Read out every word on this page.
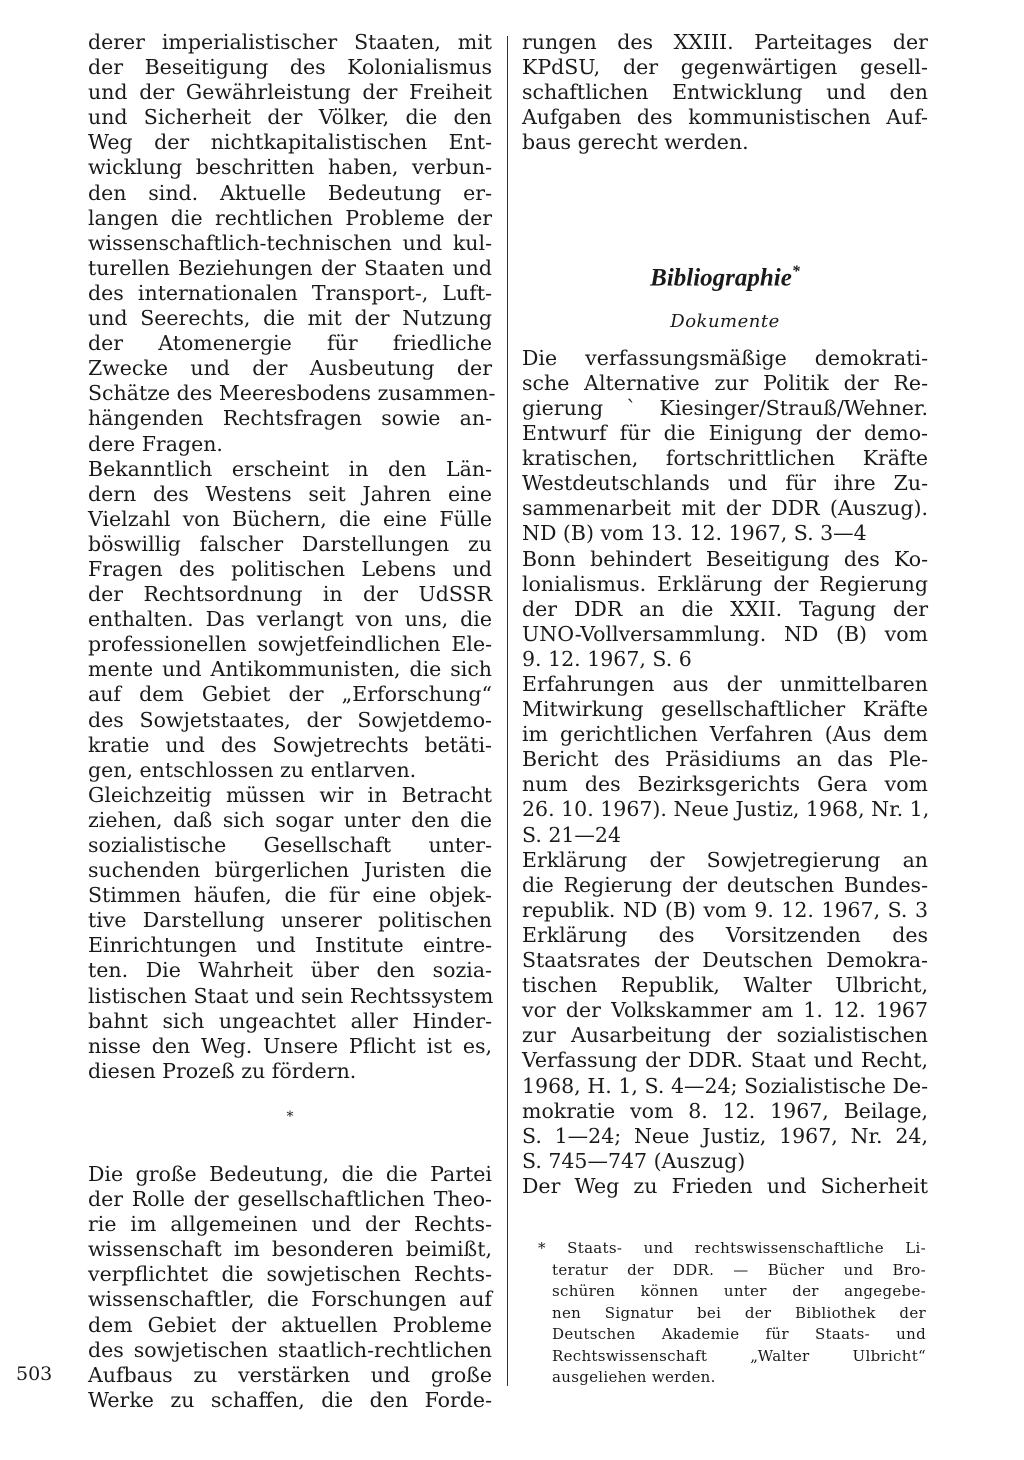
derer imperialistischer Staaten, mit
der Beseitigung des Kolonialismus
und der Gewährleistung der Freiheit
und Sicherheit der Völker, die den
Weg der nichtkapitalistischen Ent-
wicklung beschritten haben, verbun-
den sind. Aktuelle Bedeutung er-
langen die rechtlichen Probleme der
wissenschaftlich-technischen und kul-
turellen Beziehungen der Staaten und
des internationalen Transport-, Luft-
und Seerechts, die mit der Nutzung
der Atomenergie für friedliche
Zwecke und der Ausbeutung der
Schätze des Meeresbodens zusammen-
hängenden Rechtsfragen sowie an-
dere Fragen.
Bekanntlich erscheint in den Län-
dern des Westens seit Jahren eine
Vielzahl von Büchern, die eine Fülle
böswillig falscher Darstellungen zu
Fragen des politischen Lebens und
der Rechtsordnung in der UdSSR
enthalten. Das verlangt von uns, die
professionellen sowjetfeindlichen Ele-
mente und Antikommunisten, die sich
auf dem Gebiet der „Erforschung“
des Sowjetstaates, der Sowjetdemo-
kratie und des Sowjetrechts betäti-
gen, entschlossen zu entlarven.
Gleichzeitig müssen wir in Betracht
ziehen, daß sich sogar unter den die
sozialistische Gesellschaft unter-
suchenden bürgerlichen Juristen die
Stimmen häufen, die für eine objek-
tive Darstellung unserer politischen
Einrichtungen und Institute eintre-
ten. Die Wahrheit über den sozia-
listischen Staat und sein Rechtssystem
bahnt sich ungeachtet aller Hinder-
nisse den Weg. Unsere Pflicht ist es,
diesen Prozeß zu fördern.
*
Die große Bedeutung, die die Partei
der Rolle der gesellschaftlichen Theo-
rie im allgemeinen und der Rechts-
wissenschaft im besonderen beimißt,
verpflichtet die sowjetischen Rechts-
wissenschaftler, die Forschungen auf
dem Gebiet der aktuellen Probleme
des sowjetischen staatlich-rechtlichen
Aufbaus zu verstärken und große
Werke zu schaffen, die den Forde-
rungen des XXIII. Parteitages der
KPdSU, der gegenwärtigen gesell-
schaftlichen Entwicklung und den
Aufgaben des kommunistischen Auf-
baus gerecht werden.
Bibliographie*
Dokumente
Die verfassungsmäßige demokrati-
sche Alternative zur Politik der Re-
gierung ` Kiesinger/Strauß/Wehner.
Entwurf für die Einigung der demo-
kratischen, fortschrittlichen Kräfte
Westdeutschlands und für ihre Zu-
sammenarbeit mit der DDR (Auszug).
ND (B) vom 13. 12. 1967, S. 3—4
Bonn behindert Beseitigung des Ko-
lonialismus. Erklärung der Regierung
der DDR an die XXII. Tagung der
UNO-Vollversammlung. ND (B) vom
9. 12. 1967, S. 6
Erfahrungen aus der unmittelbaren
Mitwirkung gesellschaftlicher Kräfte
im gerichtlichen Verfahren (Aus dem
Bericht des Präsidiums an das Ple-
num des Bezirksgerichts Gera vom
26. 10. 1967). Neue Justiz, 1968, Nr. 1,
S. 21—24
Erklärung der Sowjetregierung an
die Regierung der deutschen Bundes-
republik. ND (B) vom 9. 12. 1967, S. 3
Erklärung des Vorsitzenden des
Staatsrates der Deutschen Demokra-
tischen Republik, Walter Ulbricht,
vor der Volkskammer am 1. 12. 1967
zur Ausarbeitung der sozialistischen
Verfassung der DDR. Staat und Recht,
1968, H. 1, S. 4—24; Sozialistische De-
mokratie vom 8. 12. 1967, Beilage,
S. 1—24; Neue Justiz, 1967, Nr. 24,
S. 745—747 (Auszug)
Der Weg zu Frieden und Sicherheit
* Staats- und rechtswissenschaftliche Li-
teratur der DDR. — Bücher und Bro-
schüren können unter der angegebe-
nen Signatur bei der Bibliothek der
Deutschen Akademie für Staats- und
Rechtswissenschaft „Walter Ulbricht“
ausgeliehen werden.
503
